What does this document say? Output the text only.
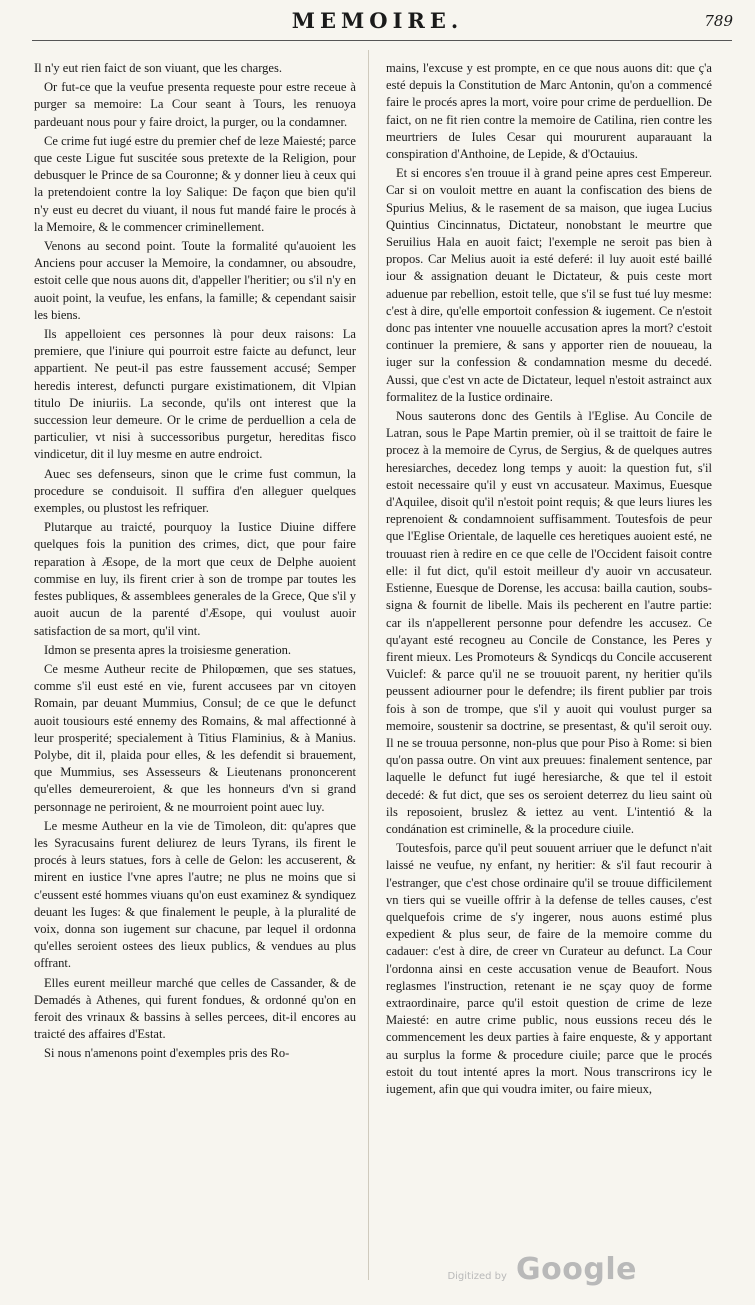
MEMOIRE.	789

Il n'y eut rien faict de son viuant, que les charges.

Or fut-ce que la veufue presenta requeste pour estre receue à purger sa memoire: La Cour seant à Tours, les renuoya pardeuant nous pour y faire droict, la purger, ou la condamner.

Ce crime fut iugé estre du premier chef de leze Maiesté; parce que ceste Ligue fut suscitée sous pretexte de la Religion, pour debusquer le Prince de sa Couronne; & y donner lieu à ceux qui la pretendoient contre la loy Salique: De façon que bien qu'il n'y eust eu decret du viuant, il nous fut mandé faire le procés à la Memoire, & le commencer criminellement.

Venons au second point. Toute la formalité qu'auoient les Anciens pour accuser la Memoire, la condamner, ou absoudre, estoit celle que nous auons dit, d'appeller l'heritier; ou s'il n'y en auoit point, la veufue, les enfans, la famille; & cependant saisir les biens.

Ils appelloient ces personnes là pour deux raisons: La premiere, que l'iniure qui pourroit estre faicte au defunct, leur appartient. Ne peut-il pas estre faussement accusé; Semper heredis interest, defuncti purgare existimationem, dit Vlpian titulo De iniuriis. La seconde, qu'ils ont interest que la succession leur demeure. Or le crime de perduellion a cela de particulier, vt nisi à successoribus purgetur, hereditas fisco vindicetur, dit il luy mesme en autre endroict.

Auec ses defenseurs, sinon que le crime fust commun, la procedure se conduisoit. Il suffira d'en alleguer quelques exemples, ou plustost les refriquer.

Plutarque au traicté, pourquoy la Iustice Diuine differe quelques fois la punition des crimes, dict, que pour faire reparation à Æsope, de la mort que ceux de Delphe auoient commise en luy, ils firent crier à son de trompe par toutes les festes publiques, & assemblees generales de la Grece, Que s'il y auoit aucun de la parenté d'Æsope, qui voulust auoir satisfaction de sa mort, qu'il vint.

Idmon se presenta apres la troisiesme generation.

Ce mesme Autheur recite de Philopœmen, que ses statues, comme s'il eust esté en vie, furent accusees par vn citoyen Romain, par deuant Mummius, Consul; de ce que le defunct auoit tousiours esté ennemy des Romains, & mal affectionné à leur prosperité; specialement à Titius Flaminius, & à Manius. Polybe, dit il, plaida pour elles, & les defendit si brauement, que Mummius, ses Assesseurs & Lieutenans prononcerent qu'elles demeureroient, & que les honneurs d'vn si grand personnage ne periroient, & ne mourroient point auec luy.

Le mesme Autheur en la vie de Timoleon, dit: qu'apres que les Syracusains furent deliurez de leurs Tyrans, ils firent le procés à leurs statues, fors à celle de Gelon: les accuserent, & mirent en iustice l'vne apres l'autre; ne plus ne moins que si c'eussent esté hommes viuans qu'on eust examinez & syndiquez deuant les Iuges: & que finalement le peuple, à la pluralité de voix, donna son iugement sur chacune, par lequel il ordonna qu'elles seroient ostees des lieux publics, & vendues au plus offrant.

Elles eurent meilleur marché que celles de Cassander, & de Demadés à Athenes, qui furent fondues, & ordonné qu'on en feroit des vrinaux & bassins à selles percees, dit-il encores au traicté des affaires d'Estat.

Si nous n'amenons point d'exemples pris des Ro-

mains, l'excuse y est prompte, en ce que nous auons dit: que ç'a esté depuis la Constitution de Marc Antonin, qu'on a commencé faire le procés apres la mort, voire pour crime de perduellion. De faict, on ne fit rien contre la memoire de Catilina, rien contre les meurtriers de Iules Cesar qui moururent auparauant la conspiration d'Anthoine, de Lepide, & d'Octauius.

Et si encores s'en trouue il à grand peine apres cest Empereur. Car si on vouloit mettre en auant la confiscation des biens de Spurius Melius, & le rasement de sa maison, que iugea Lucius Quintius Cincinnatus, Dictateur, nonobstant le meurtre que Seruilius Hala en auoit faict; l'exemple ne seroit pas bien à propos. Car Melius auoit ia esté deferé: il luy auoit esté baillé iour & assignation deuant le Dictateur, & puis ceste mort aduenue par rebellion, estoit telle, que s'il se fust tué luy mesme: c'est à dire, qu'elle emportoit confession & iugement. Ce n'estoit donc pas intenter vne nouuelle accusation apres la mort? c'estoit continuer la premiere, & sans y apporter rien de nouueau, la iuger sur la confession & condamnation mesme du decedé. Aussi, que c'est vn acte de Dictateur, lequel n'estoit astrainct aux formalitez de la Iustice ordinaire.

Nous sauterons donc des Gentils à l'Eglise. Au Concile de Latran, sous le Pape Martin premier, où il se traittoit de faire le procez à la memoire de Cyrus, de Sergius, & de quelques autres heresiarches, decedez long temps y auoit: la question fut, s'il estoit necessaire qu'il y eust vn accusateur. Maximus, Euesque d'Aquilee, disoit qu'il n'estoit point requis; & que leurs liures les reprenoient & condamnoient suffisamment. Toutesfois de peur que l'Eglise Orientale, de laquelle ces heretiques auoient esté, ne trouuast rien à redire en ce que celle de l'Occident faisoit contre elle: il fut dict, qu'il estoit meilleur d'y auoir vn accusateur. Estienne, Euesque de Dorense, les accusa: bailla caution, soubs-signa & fournit de libelle. Mais ils pecherent en l'autre partie: car ils n'appellerent personne pour defendre les accusez. Ce qu'ayant esté recogneu au Concile de Constance, les Peres y firent mieux. Les Promoteurs & Syndicqs du Concile accuserent Vuiclef: & parce qu'il ne se trouuoit parent, ny heritier qu'ils peussent adiourner pour le defendre; ils firent publier par trois fois à son de trompe, que s'il y auoit qui voulust purger sa memoire, soustenir sa doctrine, se presentast, & qu'il seroit ouy. Il ne se trouua personne, non-plus que pour Piso à Rome: si bien qu'on passa outre. On vint aux preuues: finalement sentence, par laquelle le defunct fut iugé heresiarche, & que tel il estoit decedé: & fut dict, que ses os seroient deterrez du lieu saint où ils reposoient, bruslez & iettez au vent. L'intentió & la condánation est criminelle, & la procedure ciuile.

Toutesfois, parce qu'il peut souuent arriuer que le defunct n'ait laissé ne veufue, ny enfant, ny heritier: & s'il faut recourir à l'estranger, que c'est chose ordinaire qu'il se trouue difficilement vn tiers qui se vueille offrir à la defense de telles causes, c'est quelquefois crime de s'y ingerer, nous auons estimé plus expedient & plus seur, de faire de la memoire comme du cadauer: c'est à dire, de creer vn Curateur au defunct. La Cour l'ordonna ainsi en ceste accusation venue de Beaufort. Nous reglasmes l'instruction, retenant ie ne sçay quoy de forme extraordinaire, parce qu'il estoit question de crime de leze Maiesté: en autre crime public, nous eussions receu dés le commencement les deux parties à faire enqueste, & y apportant au surplus la forme & procedure ciuile; parce que le procés estoit du tout intenté apres la mort. Nous transcrirons icy le iugement, afin que qui voudra imiter, ou faire mieux,

Digitized by Google
